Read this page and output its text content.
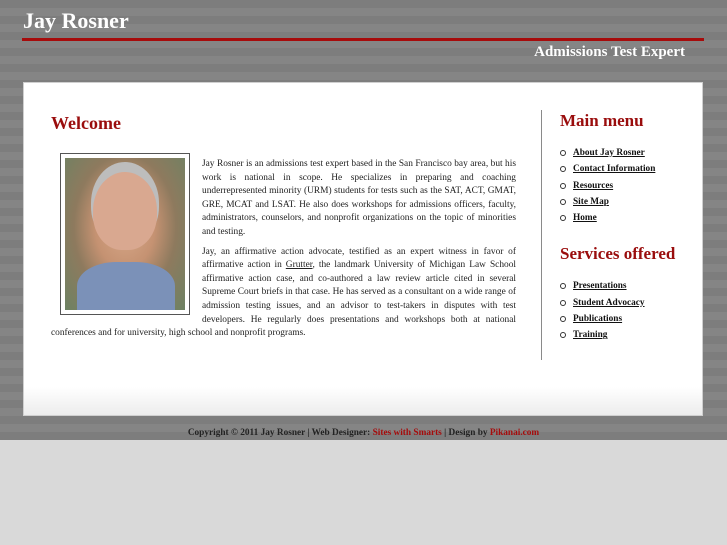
Jay Rosner
Admissions Test Expert
Welcome

Jay Rosner is an admissions test expert based in the San Francisco bay area, but his work is national in scope. He specializes in preparing and coaching underrepresented minority (URM) students for tests such as the SAT, ACT, GMAT, GRE, MCAT and LSAT. He also does workshops for admissions officers, faculty, administrators, counselors, and nonprofit organizations on the topic of minorities and testing.

Jay, an affirmative action advocate, testified as an expert witness in favor of affirmative action in Grutter, the landmark University of Michigan Law School affirmative action case, and co-authored a law review article cited in several Supreme Court briefs in that case. He has served as a consultant on a wide range of admission testing issues, and an advisor to test-takers in disputes with test developers. He regularly does presentations and workshops both at national conferences and for university, high school and nonprofit programs.

Main menu
About Jay Rosner
Contact Information
Resources
Site Map
Home
Services offered
Presentations
Student Advocacy
Publications
Training
Copyright © 2011 Jay Rosner | Web Designer: Sites with Smarts | Design by Pikanai.com
